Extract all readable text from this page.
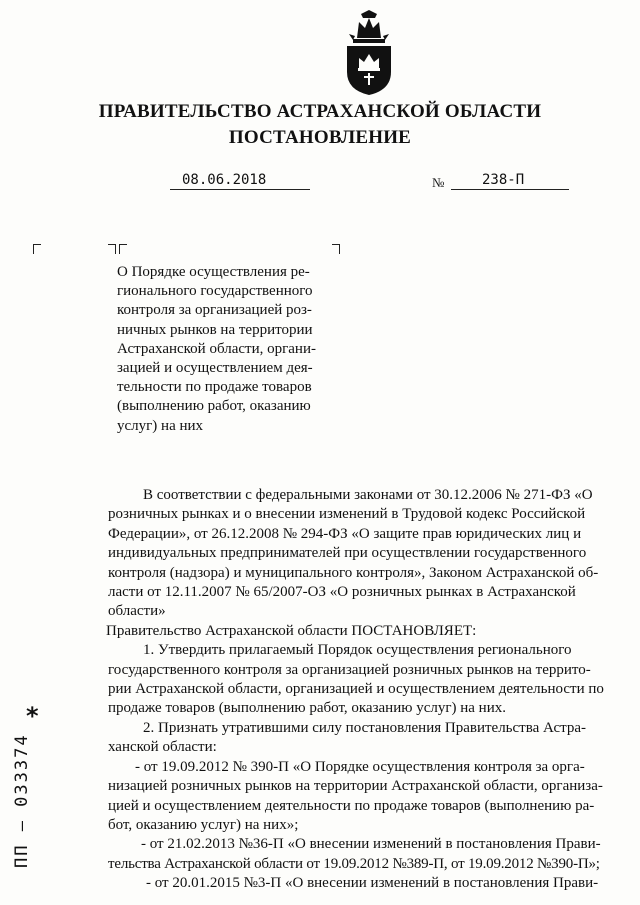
ПРАВИТЕЛЬСТВО АСТРАХАНСКОЙ ОБЛАСТИ
ПОСТАНОВЛЕНИЕ
08.06.2018	№	238-П
О Порядке осуществления ре-
гионального государственного
контроля за организацией роз-
ничных рынков на территории
Астраханской области, органи-
зацией и осуществлением дея-
тельности по продаже товаров
(выполнению работ, оказанию
услуг) на них
В соответствии с федеральными законами от 30.12.2006 № 271-ФЗ «О
розничных рынках и о внесении изменений в Трудовой кодекс Российской
Федерации», от 26.12.2008 № 294-ФЗ «О защите прав юридических лиц и
индивидуальных предпринимателей при осуществлении государственного
контроля (надзора) и муниципального контроля», Законом Астраханской об-
ласти от 12.11.2007 № 65/2007-ОЗ «О розничных рынках в Астраханской
области»
Правительство Астраханской области ПОСТАНОВЛЯЕТ:
1. Утвердить прилагаемый Порядок осуществления регионального
государственного контроля за организацией розничных рынков на террито-
рии Астраханской области, организацией и осуществлением деятельности по
продаже товаров (выполнению работ, оказанию услуг) на них.
2. Признать утратившими силу постановления Правительства Астра-
ханской области:
- от 19.09.2012 № 390-П «О Порядке осуществления контроля за орга-
низацией розничных рынков на территории Астраханской области, организа-
цией и осуществлением деятельности по продаже товаров (выполнению ра-
бот, оказанию услуг) на них»;
- от 21.02.2013 №36-П «О внесении изменений в постановления Прави-
тельства Астраханской области от 19.09.2012 №389-П, от 19.09.2012 №390-П»;
- от 20.01.2015 №3-П «О внесении изменений в постановления Прави-
ПП – 033374
*
